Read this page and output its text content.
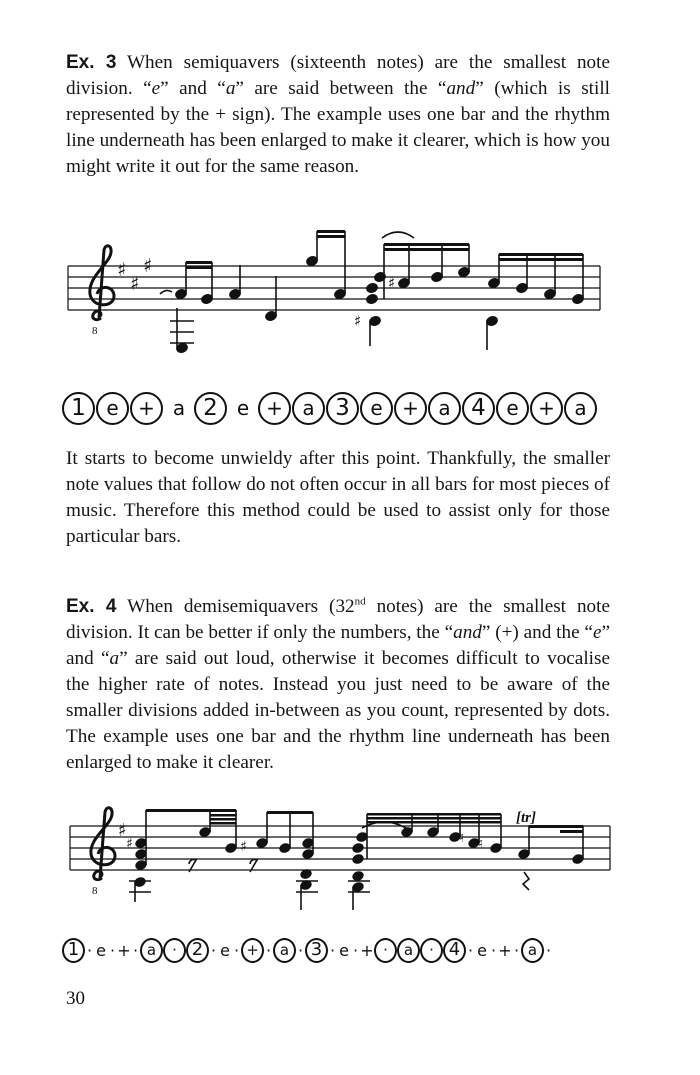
Ex. 3 When semiquavers (sixteenth notes) are the smallest note division. “e” and “a” are said between the “and” (which is still represented by the + sign). The example uses one bar and the rhythm line underneath has been enlarged to make it clearer, which is how you might write it out for the same reason.

8
♯
♯
♯
♯
♯
1	e + a 2 e + a 3	e + a 4	e + a

It starts to become unwieldy after this point. Thankfully, the smaller note values that follow do not often occur in all bars for most pieces of music. Therefore this method could be used to assist only for those particular bars.

Ex. 4 When demisemiquavers (32nd notes) are the smallest note division. It can be better if only the numbers, the “and” (+) and the “e” and “a” are said out loud, otherwise it becomes difficult to vocalise the higher rate of notes. Instead you just need to be aware of the smaller divisions added in-between as you count, represented by dots. The example uses one bar and the rhythm line underneath has been enlarged to make it clearer.

8
♯
♯	♯
♮ ♮
[tr]
1 · e · + · a	· 2 · e · + · a · 3 · e · + ·	a	· 4 · e · + · a ·
30
